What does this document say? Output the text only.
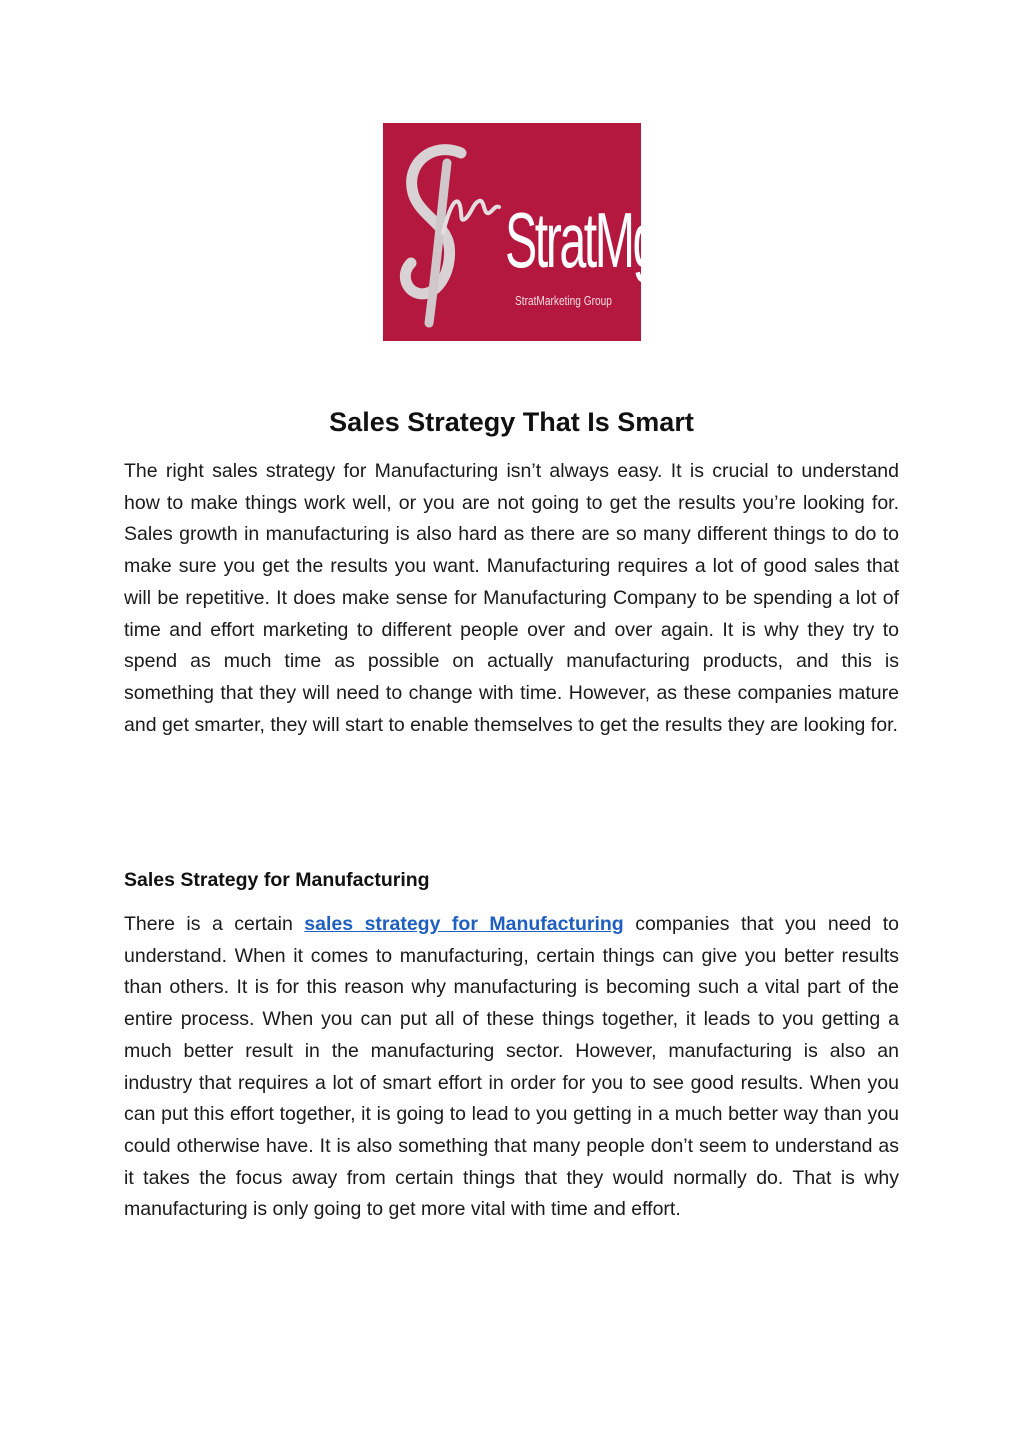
StratMg
StratMarketing Group
Sales Strategy That Is Smart

The right sales strategy for Manufacturing isn’t always easy. It is crucial to understand how to make things work well, or you are not going to get the results you’re looking for. Sales growth in manufacturing is also hard as there are so many different things to do to make sure you get the results you want. Manufacturing requires a lot of good sales that will be repetitive. It does make sense for Manufacturing Company to be spending a lot of time and effort marketing to different people over and over again. It is why they try to spend as much time as possible on actually manufacturing products, and this is something that they will need to change with time. However, as these companies mature and get smarter, they will start to enable themselves to get the results they are looking for.

Sales Strategy for Manufacturing

There is a certain sales strategy for Manufacturing companies that you need to understand. When it comes to manufacturing, certain things can give you better results than others. It is for this reason why manufacturing is becoming such a vital part of the entire process. When you can put all of these things together, it leads to you getting a much better result in the manufacturing sector. However, manufacturing is also an industry that requires a lot of smart effort in order for you to see good results. When you can put this effort together, it is going to lead to you getting in a much better way than you could otherwise have. It is also something that many people don’t seem to understand as it takes the focus away from certain things that they would normally do. That is why manufacturing is only going to get more vital with time and effort.
